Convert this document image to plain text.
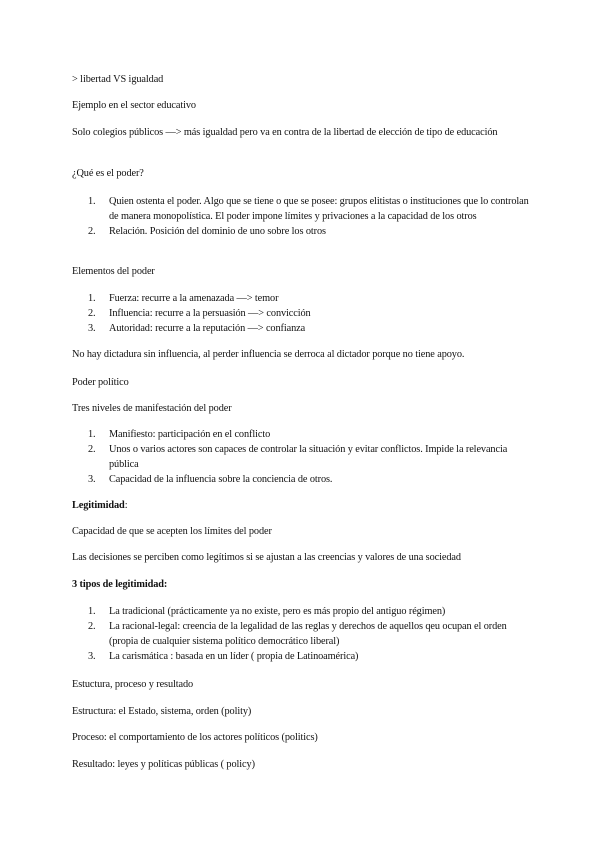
> libertad VS igualdad

Ejemplo en el sector educativo

Solo colegios públicos —> más igualdad pero va en contra de la libertad de elección de tipo de educación

¿Qué es el poder?

1. Quien ostenta el poder. Algo que se tiene o que se posee: grupos elitistas o instituciones que lo controlan de manera monopolística. El poder impone límites y privaciones a la capacidad de los otros
2. Relación. Posición del dominio de uno sobre los otros

Elementos del poder

1. Fuerza: recurre a la amenazada —> temor
2. Influencia: recurre a la persuasión —> convicción
3. Autoridad: recurre a la reputación —> confianza

No hay dictadura sin influencia, al perder influencia se derroca al dictador porque no tiene apoyo.

Poder político

Tres niveles de manifestación del poder

1. Manifiesto: participación en el conflicto
2. Unos o varios actores son capaces de controlar la situación y evitar conflictos. Impide la relevancia pública
3. Capacidad de la influencia sobre la conciencia de otros.

Legitimidad:

Capacidad de que se acepten los límites del poder

Las decisiones se perciben como legítimos si se ajustan a las creencias y valores de una sociedad

3 tipos de legitimidad:

1. La tradicional (prácticamente ya no existe, pero es más propio del antiguo régimen)
2. La racional-legal: creencia de la legalidad de las reglas y derechos de aquellos qeu ocupan el orden (propia de cualquier sistema político democrático liberal)
3. La carismática : basada en un líder ( propia de Latinoamérica)

Estuctura, proceso y resultado

Estructura: el Estado, sistema, orden (polity)

Proceso: el comportamiento de los actores políticos (politics)

Resultado: leyes y políticas públicas ( policy)
